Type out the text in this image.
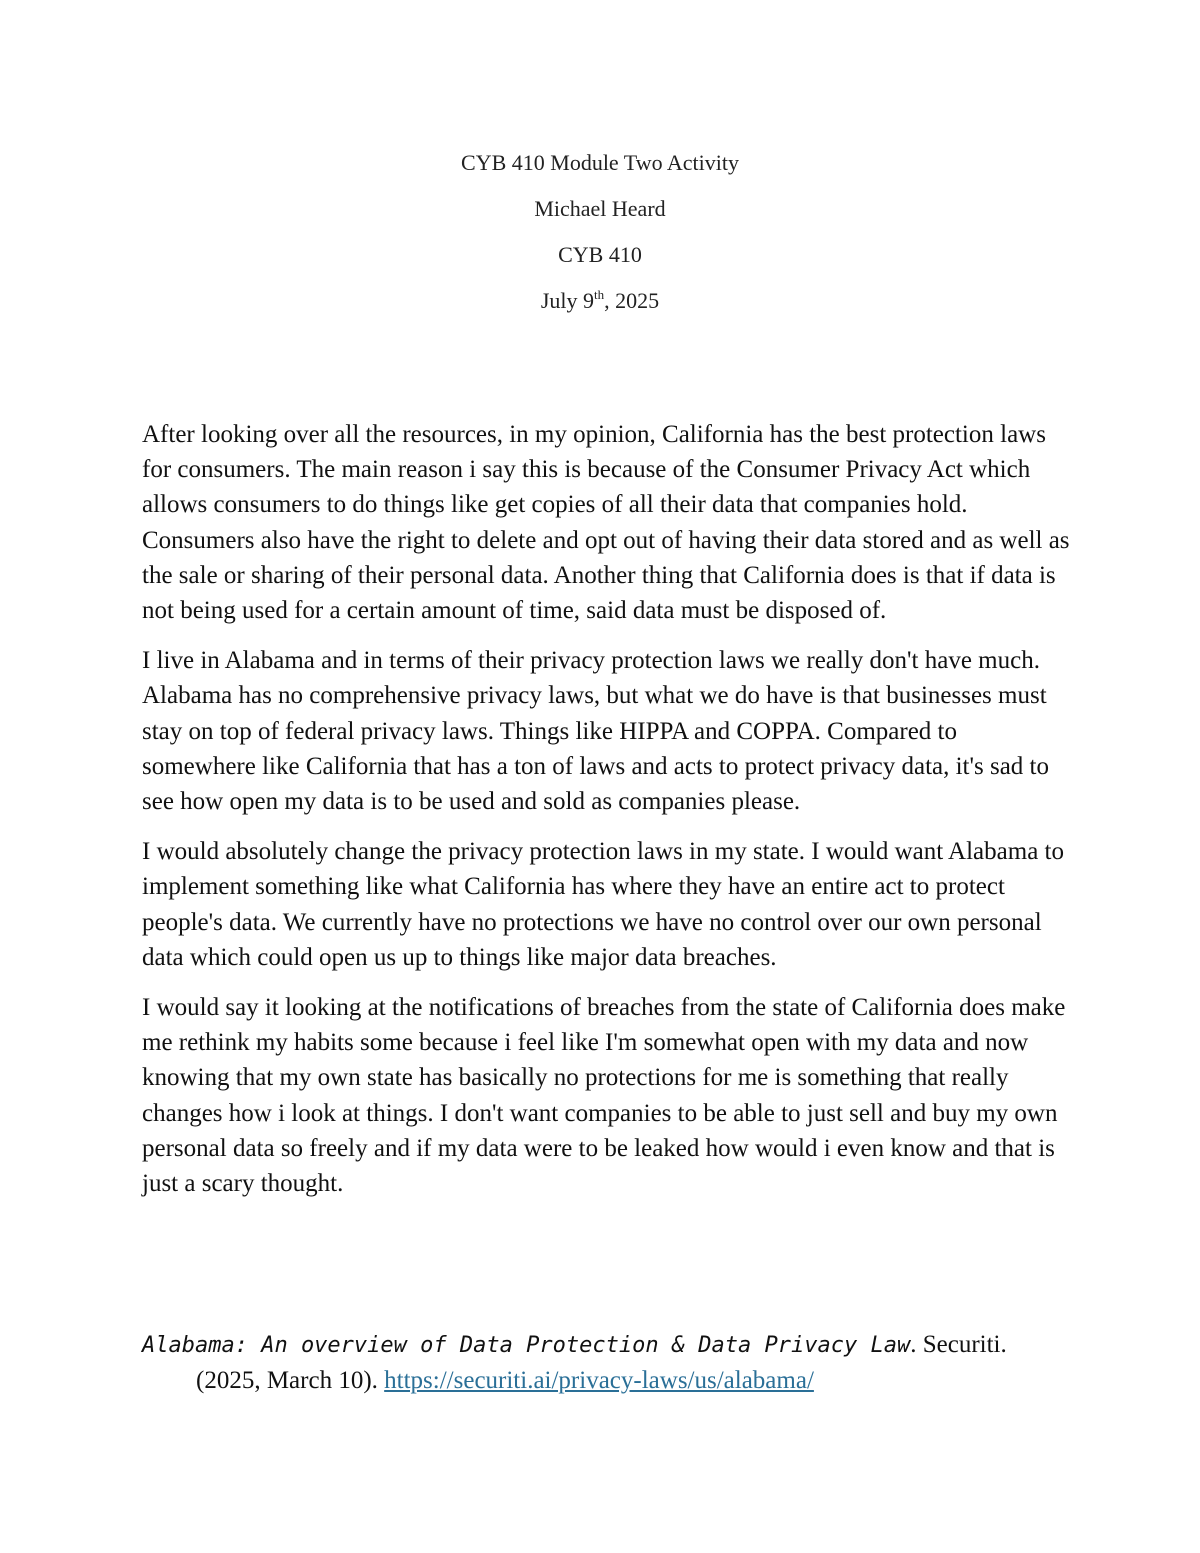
CYB 410 Module Two Activity
Michael Heard
CYB 410
July 9th, 2025

After looking over all the resources, in my opinion, California has the best protection laws for consumers. The main reason i say this is because of the Consumer Privacy Act which allows consumers to do things like get copies of all their data that companies hold. Consumers also have the right to delete and opt out of having their data stored and as well as the sale or sharing of their personal data. Another thing that California does is that if data is not being used for a certain amount of time, said data must be disposed of.

I live in Alabama and in terms of their privacy protection laws we really don't have much. Alabama has no comprehensive privacy laws, but what we do have is that businesses must stay on top of federal privacy laws. Things like HIPPA and COPPA. Compared to somewhere like California that has a ton of laws and acts to protect privacy data, it's sad to see how open my data is to be used and sold as companies please.

I would absolutely change the privacy protection laws in my state. I would want Alabama to implement something like what California has where they have an entire act to protect people's data. We currently have no protections we have no control over our own personal data which could open us up to things like major data breaches.

I would say it looking at the notifications of breaches from the state of California does make me rethink my habits some because i feel like I'm somewhat open with my data and now knowing that my own state has basically no protections for me is something that really changes how i look at things. I don't want companies to be able to just sell and buy my own personal data so freely and if my data were to be leaked how would i even know and that is just a scary thought.

Alabama: An overview of Data Protection & Data Privacy Law. Securiti. (2025, March 10). https://securiti.ai/privacy-laws/us/alabama/
